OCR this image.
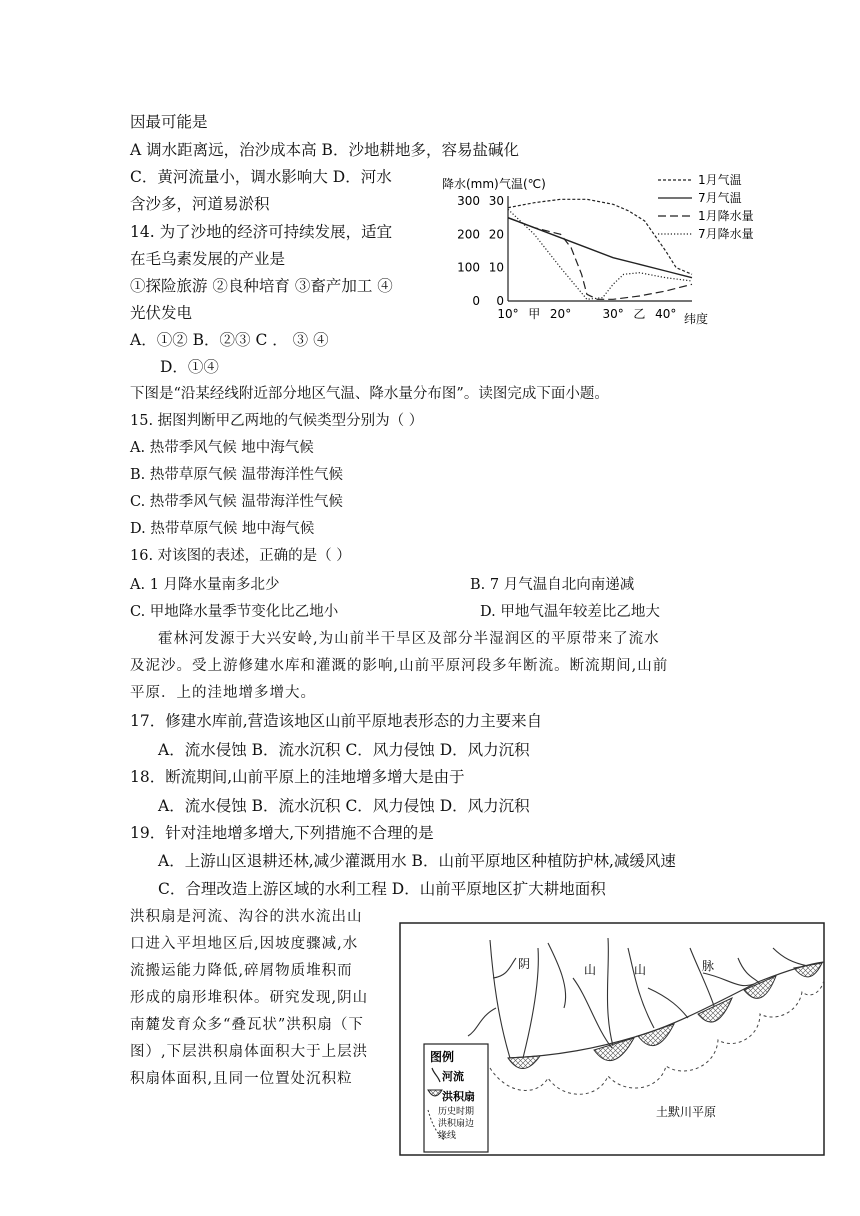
因最可能是
A 调水距离远，治沙成本高 B．沙地耕地多，容易盐碱化
C．黄河流量小，调水影响大 D．河水
含沙多，河道易淤积
14. 为了沙地的经济可持续发展，适宜
在毛乌素发展的产业是
①探险旅游 ②良种培育 ③畜产加工 ④
光伏发电
A．①② B．②③ C ． ③ ④
D．①④
降水(mm) 气温(℃)
300
200
100
0
30
20
10
0
10° 甲 20°	30° 乙 40° 纬度
1月气温
7月气温
1月降水量
7月降水量
下图是“沿某经线附近部分地区气温、降水量分布图”。读图完成下面小题。
15. 据图判断甲乙两地的气候类型分别为（ ）
A. 热带季风气候 地中海气候
B. 热带草原气候 温带海洋性气候
C. 热带季风气候 温带海洋性气候
D. 热带草原气候 地中海气候
16. 对该图的表述，正确的是（ ）
A. 1 月降水量南多北少	B. 7 月气温自北向南递减
C. 甲地降水量季节变化比乙地小	D. 甲地气温年较差比乙地大
霍林河发源于大兴安岭,为山前半干旱区及部分半湿润区的平原带来了流水
及泥沙。受上游修建水库和灌溉的影响,山前平原河段多年断流。断流期间,山前
平原．上的洼地增多增大。
17．修建水库前,营造该地区山前平原地表形态的力主要来自
A．流水侵蚀 B．流水沉积 C．风力侵蚀 D．风力沉积
18．断流期间,山前平原上的洼地增多增大是由于
A．流水侵蚀 B．流水沉积 C．风力侵蚀 D．风力沉积
19．针对洼地增多增大,下列措施不合理的是
A．上游山区退耕还林,减少灌溉用水 B．山前平原地区种植防护林,减缓风速
C．合理改造上游区域的水利工程 D．山前平原地区扩大耕地面积
洪积扇是河流、沟谷的洪水流出山
口进入平坦地区后,因坡度骤减,水
流搬运能力降低,碎屑物质堆积而
形成的扇形堆积体。研究发现,阴山
南麓发育众多“叠瓦状”洪积扇（下
图）,下层洪积扇体面积大于上层洪
积扇体面积,且同一位置处沉积粒
阴	山	山	脉
土默川平原
图例
河流
洪积扇
历史时期
洪积扇边
缘线
